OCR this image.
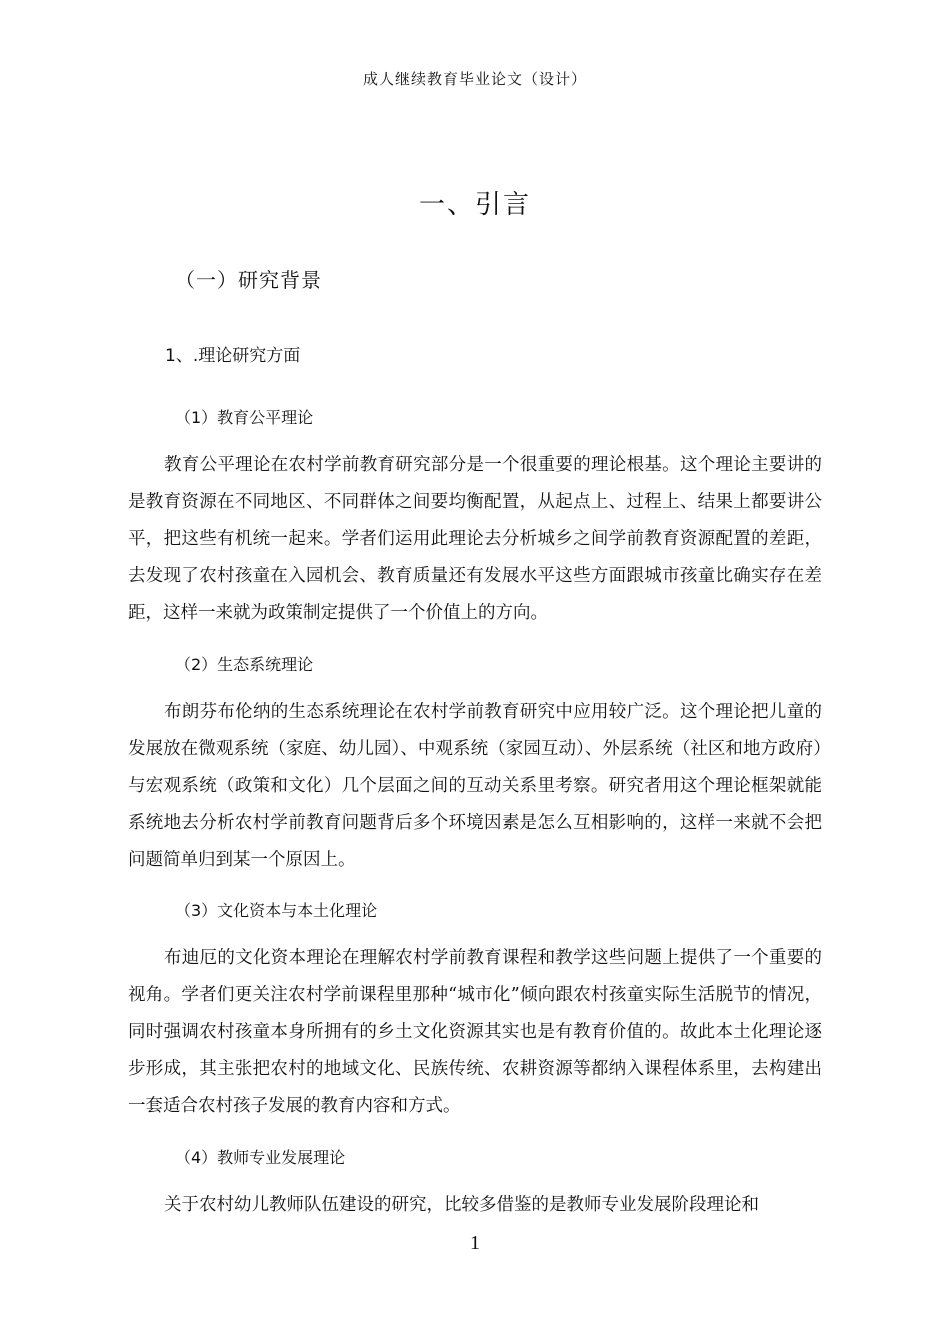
成人继续教育毕业论文（设计）
一、引言
（一）研究背景
1、.理论研究方面
（1）教育公平理论

教育公平理论在农村学前教育研究部分是一个很重要的理论根基。这个理论主要讲的是教育资源在不同地区、不同群体之间要均衡配置，从起点上、过程上、结果上都要讲公平，把这些有机统一起来。学者们运用此理论去分析城乡之间学前教育资源配置的差距，去发现了农村孩童在入园机会、教育质量还有发展水平这些方面跟城市孩童比确实存在差距，这样一来就为政策制定提供了一个价值上的方向。

（2）生态系统理论

布朗芬布伦纳的生态系统理论在农村学前教育研究中应用较广泛。这个理论把儿童的发展放在微观系统（家庭、幼儿园）、中观系统（家园互动）、外层系统（社区和地方政府）与宏观系统（政策和文化）几个层面之间的互动关系里考察。研究者用这个理论框架就能系统地去分析农村学前教育问题背后多个环境因素是怎么互相影响的，这样一来就不会把问题简单归到某一个原因上。

（3）文化资本与本土化理论

布迪厄的文化资本理论在理解农村学前教育课程和教学这些问题上提供了一个重要的视角。学者们更关注农村学前课程里那种“城市化”倾向跟农村孩童实际生活脱节的情况，同时强调农村孩童本身所拥有的乡土文化资源其实也是有教育价值的。故此本土化理论逐步形成，其主张把农村的地域文化、民族传统、农耕资源等都纳入课程体系里，去构建出一套适合农村孩子发展的教育内容和方式。

（4）教师专业发展理论

关于农村幼儿教师队伍建设的研究，比较多借鉴的是教师专业发展阶段理论和

1
